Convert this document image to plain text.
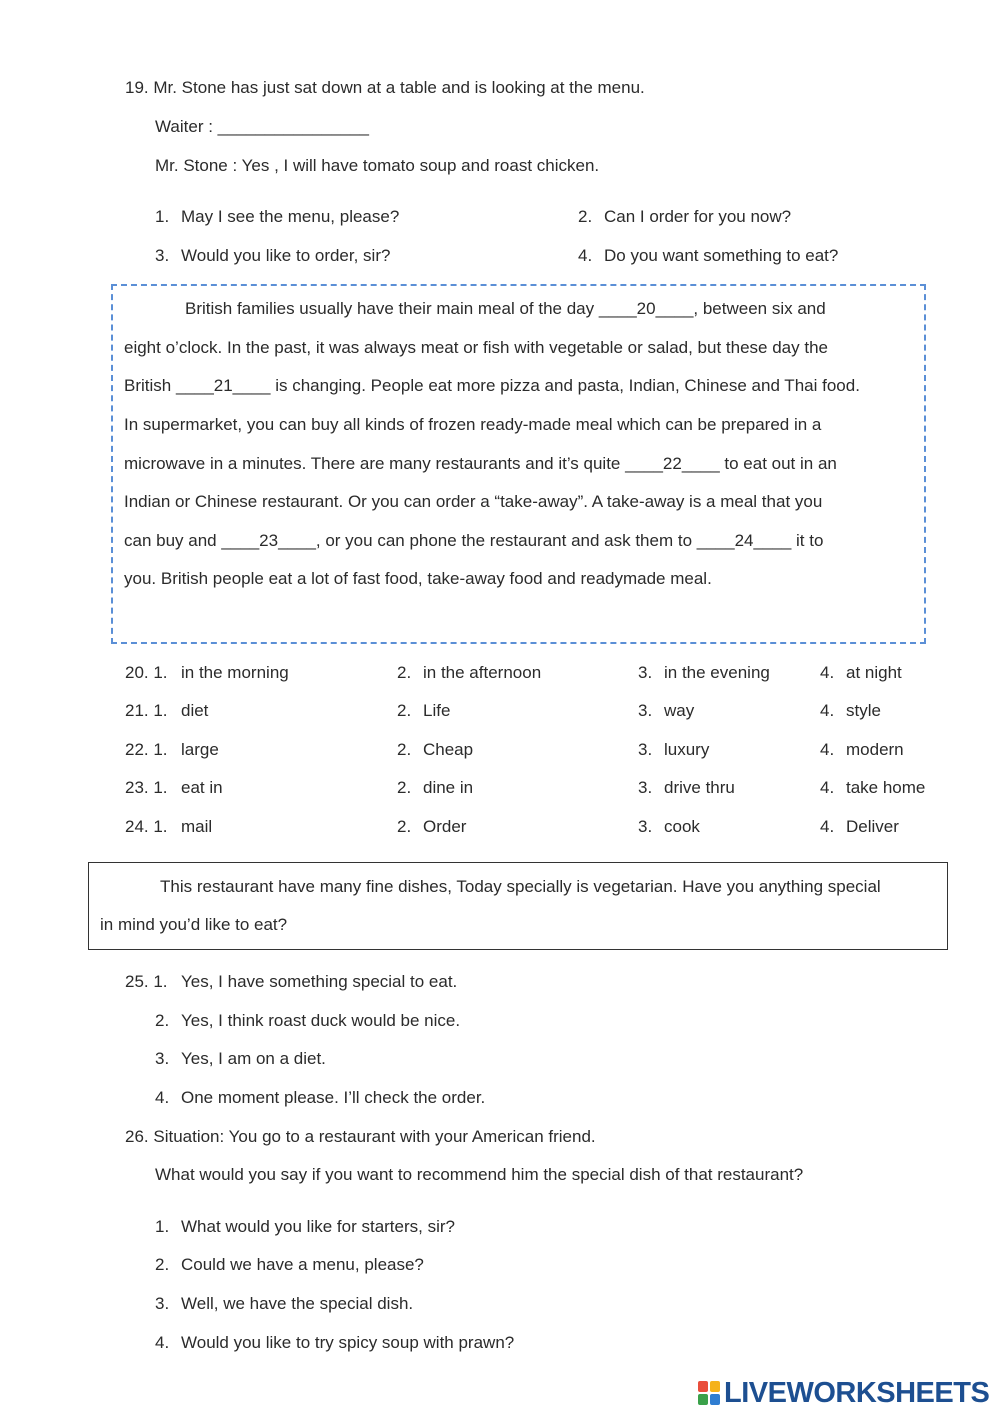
19. Mr. Stone has just sat down at a table and is looking at the menu.
Waiter : ________________
Mr. Stone : Yes , I will have tomato soup and roast chicken.
1. May I see the menu, please?	2. Can I order for you now?
3. Would you like to order, sir?	4. Do you want something to eat?
British families usually have their main meal of the day ____20____, between six and
eight o’clock. In the past, it was always meat or fish with vegetable or salad, but these day the
British ____21____ is changing. People eat more pizza and pasta, Indian, Chinese and Thai food.
In supermarket, you can buy all kinds of frozen ready-made meal which can be prepared in a
microwave in a minutes. There are many restaurants and it’s quite ____22____ to eat out in an
Indian or Chinese restaurant. Or you can order a “take-away”. A take-away is a meal that you
can buy and ____23____, or you can phone the restaurant and ask them to ____24____ it to
you. British people eat a lot of fast food, take-away food and readymade meal.
20. 1. in the morning	2. in the afternoon	3. in the evening	4. at night
21. 1. diet	2. Life	3. way	4. style
22. 1. large	2. Cheap	3. luxury	4. modern
23. 1. eat in	2. dine in	3. drive thru	4. take home
24. 1. mail	2. Order	3. cook	4. Deliver
This restaurant have many fine dishes, Today specially is vegetarian. Have you anything special
in mind you’d like to eat?
25. 1. Yes, I have something special to eat.
2. Yes, I think roast duck would be nice.
3. Yes, I am on a diet.
4. One moment please. I’ll check the order.
26. Situation: You go to a restaurant with your American friend.
What would you say if you want to recommend him the special dish of that restaurant?
1. What would you like for starters, sir?
2. Could we have a menu, please?
3. Well, we have the special dish.
4. Would you like to try spicy soup with prawn?
LIVEWORKSHEETS
